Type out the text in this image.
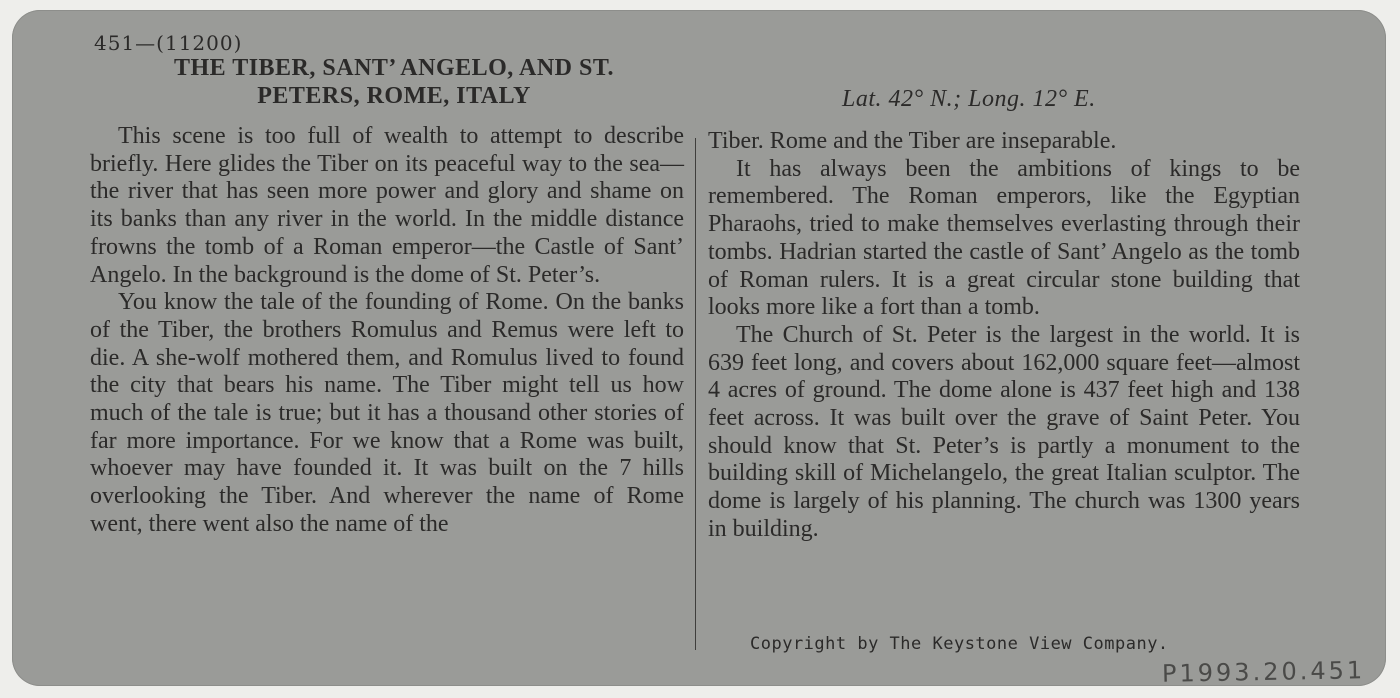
451—(11200)
THE TIBER, SANT’ ANGELO, AND ST.
PETERS, ROME, ITALY	Lat. 42° N.; Long. 12° E.

This scene is too full of wealth to attempt to describe briefly. Here glides the Tiber on its peaceful way to the sea—the river that has seen more power and glory and shame on its banks than any river in the world. In the middle distance frowns the tomb of a Roman emperor—the Castle of Sant’ Angelo. In the background is the dome of St. Peter’s.

You know the tale of the founding of Rome. On the banks of the Tiber, the brothers Romulus and Remus were left to die. A she-wolf mothered them, and Romulus lived to found the city that bears his name. The Tiber might tell us how much of the tale is true; but it has a thousand other stories of far more importance. For we know that a Rome was built, whoever may have founded it. It was built on the 7 hills overlooking the Tiber. And wherever the name of Rome went, there went also the name of the

Tiber. Rome and the Tiber are inseparable.

It has always been the ambitions of kings to be remembered. The Roman emperors, like the Egyptian Pharaohs, tried to make themselves everlasting through their tombs. Hadrian started the castle of Sant’ Angelo as the tomb of Roman rulers. It is a great circular stone building that looks more like a fort than a tomb.

The Church of St. Peter is the largest in the world. It is 639 feet long, and covers about 162,000 square feet—almost 4 acres of ground. The dome alone is 437 feet high and 138 feet across. It was built over the grave of Saint Peter. You should know that St. Peter’s is partly a monument to the building skill of Michelangelo, the great Italian sculptor. The dome is largely of his planning. The church was 1300 years in building.

Copyright by The Keystone View Company.
P1993.20.451
